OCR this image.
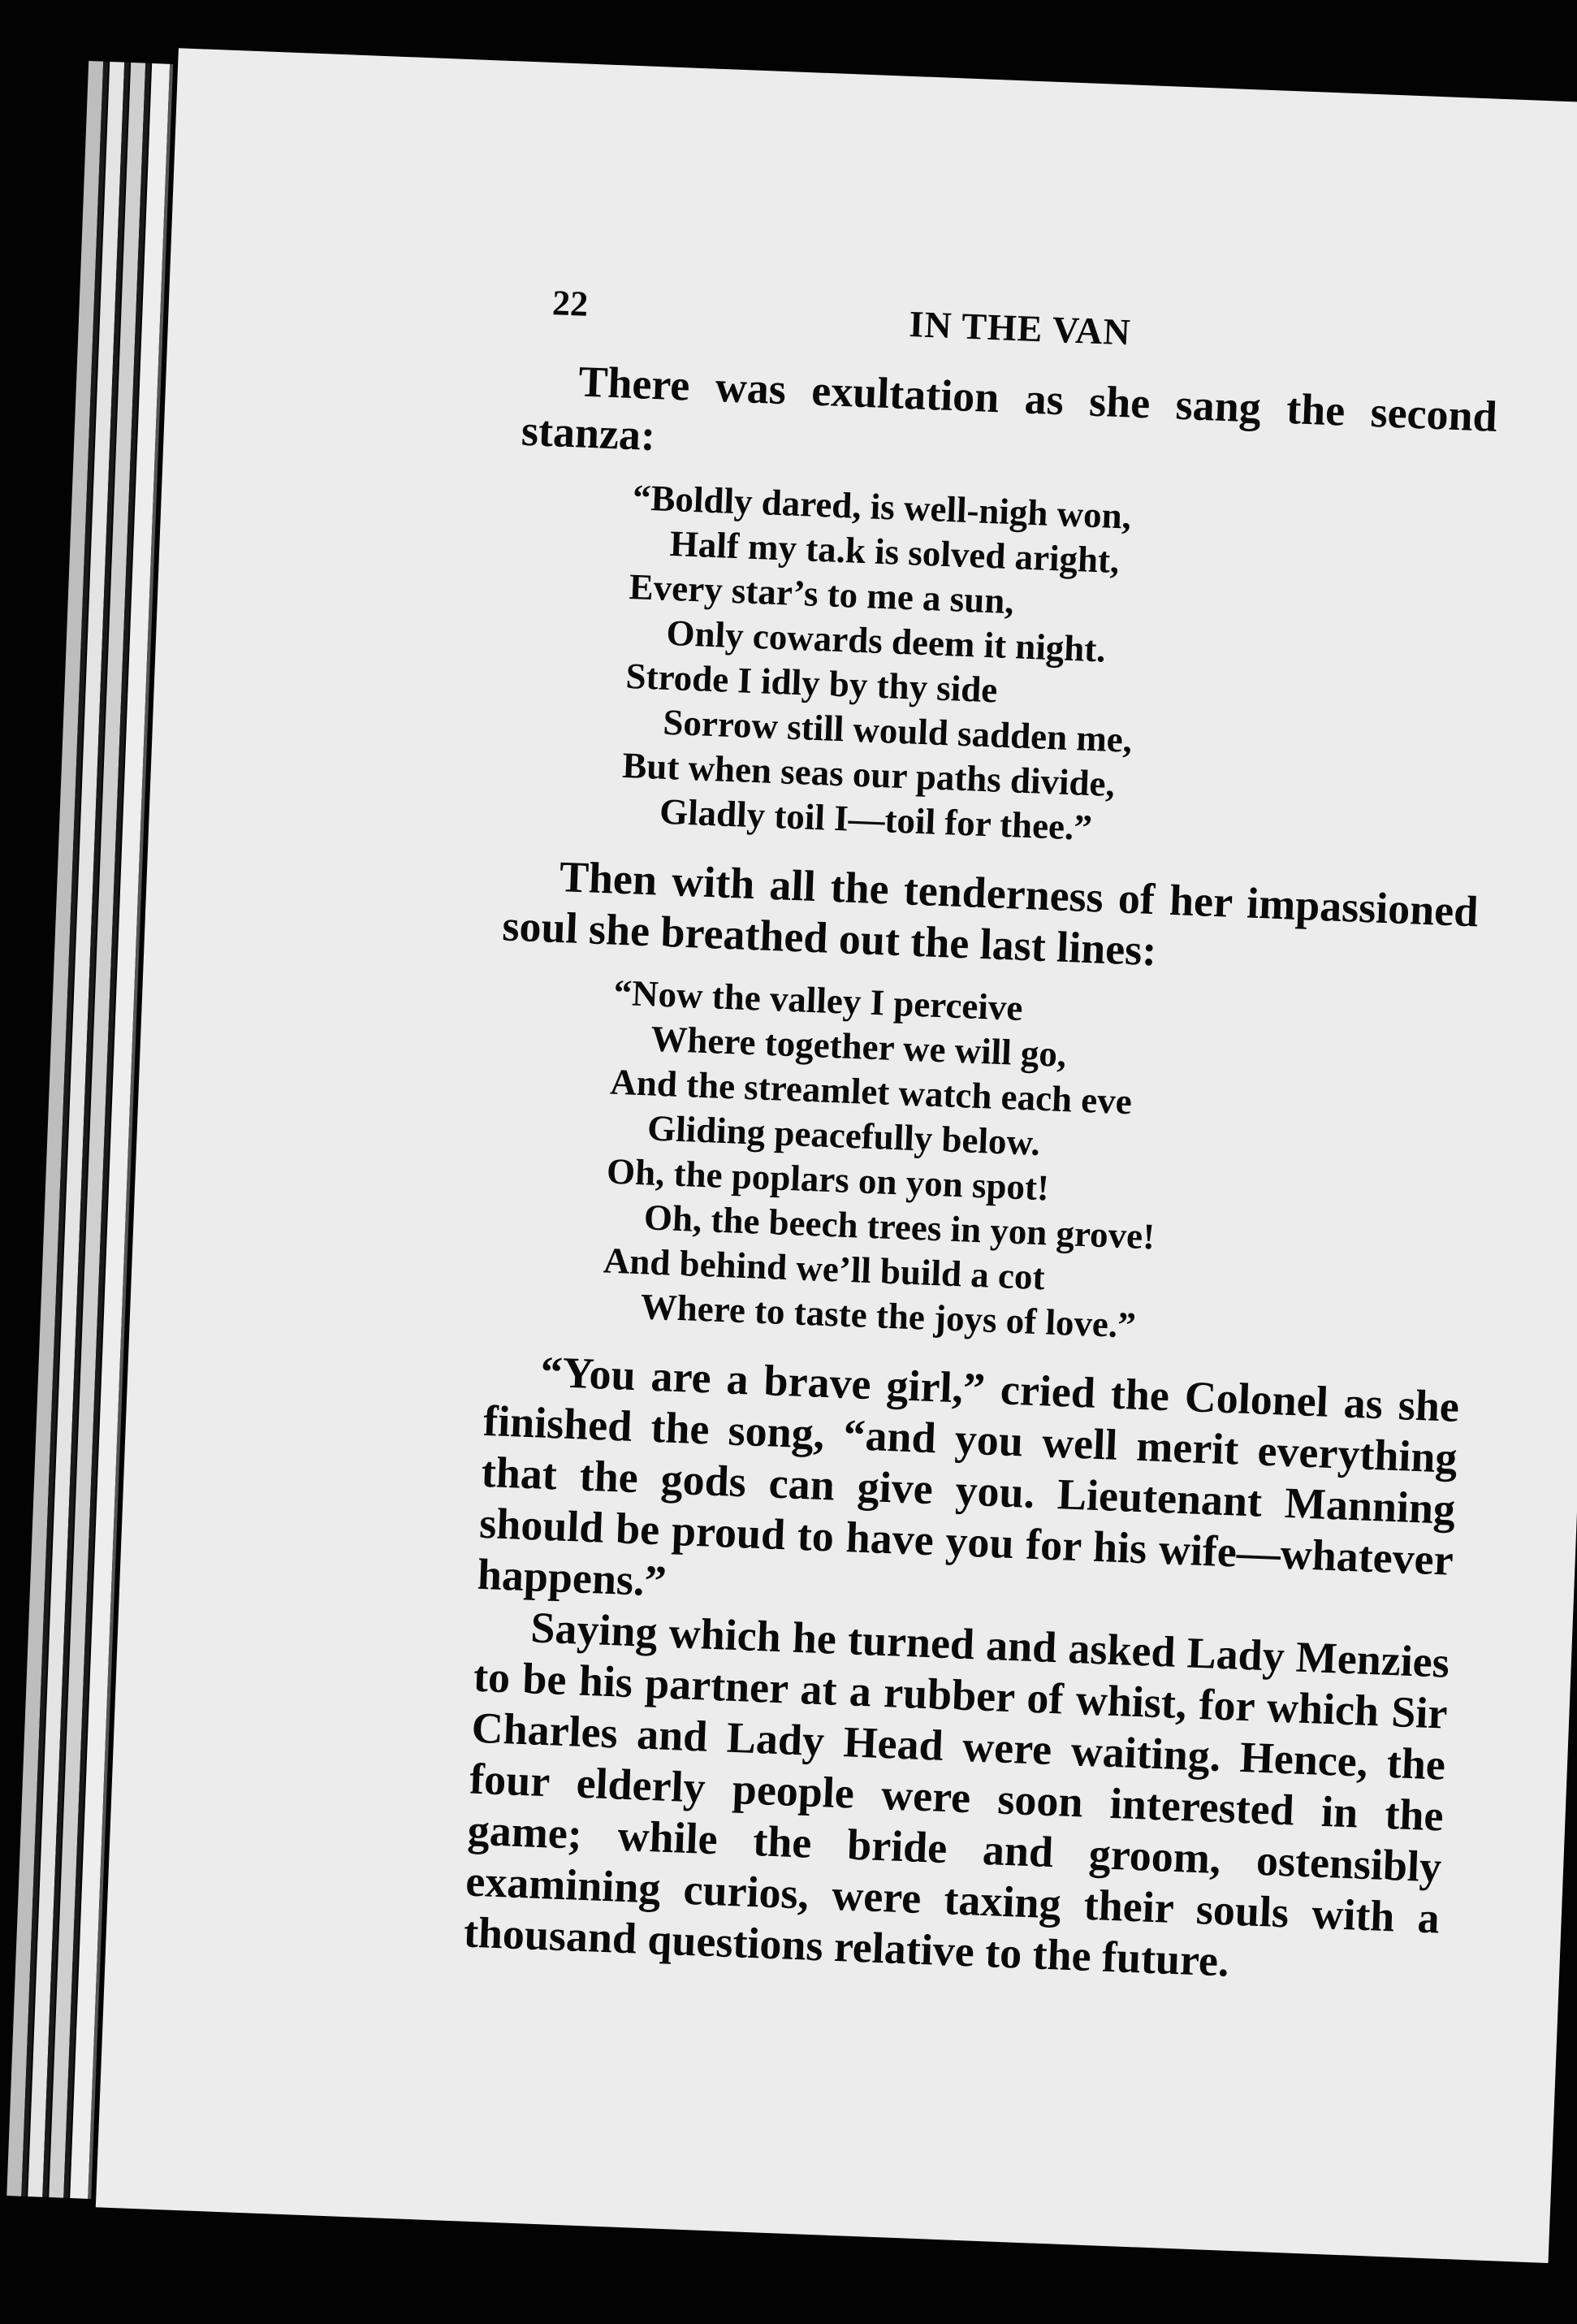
22	IN THE VAN

There was exultation as she sang the second stanza:

“Boldly dared, is well-nigh won,
Half my ta.k is solved aright,
Every star’s to me a sun,
Only cowards deem it night.
Strode I idly by thy side
Sorrow still would sadden me,
But when seas our paths divide,
Gladly toil I—toil for thee.”

Then with all the tenderness of her impassioned soul she breathed out the last lines:

“Now the valley I perceive
Where together we will go,
And the streamlet watch each eve
Gliding peacefully below.
Oh, the poplars on yon spot!
Oh, the beech trees in yon grove!
And behind we’ll build a cot
Where to taste the joys of love.”

“You are a brave girl,” cried the Colonel as she finished the song, “and you well merit everything that the gods can give you. Lieutenant Manning should be proud to have you for his wife—whatever happens.”

Saying which he turned and asked Lady Menzies to be his partner at a rubber of whist, for which Sir Charles and Lady Head were waiting. Hence, the four elderly people were soon interested in the game; while the bride and groom, ostensibly examining curios, were taxing their souls with a thousand questions relative to the future.
